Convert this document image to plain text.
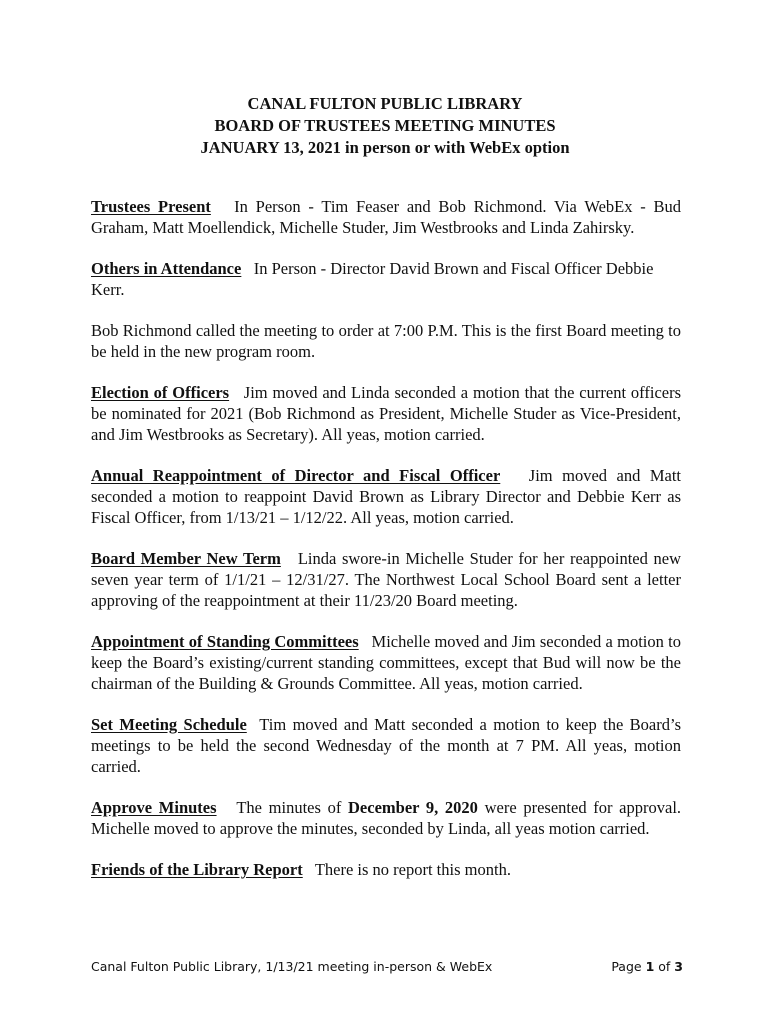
CANAL FULTON PUBLIC LIBRARY
BOARD OF TRUSTEES MEETING MINUTES
JANUARY 13, 2021 in person or with WebEx option

Trustees Present In Person - Tim Feaser and Bob Richmond. Via WebEx - Bud Graham, Matt Moellendick, Michelle Studer, Jim Westbrooks and Linda Zahirsky.

Others in Attendance In Person - Director David Brown and Fiscal Officer Debbie Kerr.

Bob Richmond called the meeting to order at 7:00 P.M. This is the first Board meeting to be held in the new program room.

Election of Officers Jim moved and Linda seconded a motion that the current officers be nominated for 2021 (Bob Richmond as President, Michelle Studer as Vice-President, and Jim Westbrooks as Secretary). All yeas, motion carried.

Annual Reappointment of Director and Fiscal Officer Jim moved and Matt seconded a motion to reappoint David Brown as Library Director and Debbie Kerr as Fiscal Officer, from 1/13/21 – 1/12/22. All yeas, motion carried.

Board Member New Term Linda swore-in Michelle Studer for her reappointed new seven year term of 1/1/21 – 12/31/27. The Northwest Local School Board sent a letter approving of the reappointment at their 11/23/20 Board meeting.

Appointment of Standing Committees Michelle moved and Jim seconded a motion to keep the Board’s existing/current standing committees, except that Bud will now be the chairman of the Building & Grounds Committee. All yeas, motion carried.

Set Meeting Schedule Tim moved and Matt seconded a motion to keep the Board’s meetings to be held the second Wednesday of the month at 7 PM. All yeas, motion carried.

Approve Minutes The minutes of December 9, 2020 were presented for approval. Michelle moved to approve the minutes, seconded by Linda, all yeas motion carried.

Friends of the Library Report There is no report this month.

Canal Fulton Public Library, 1/13/21 meeting in-person & WebEx	Page 1 of 3
